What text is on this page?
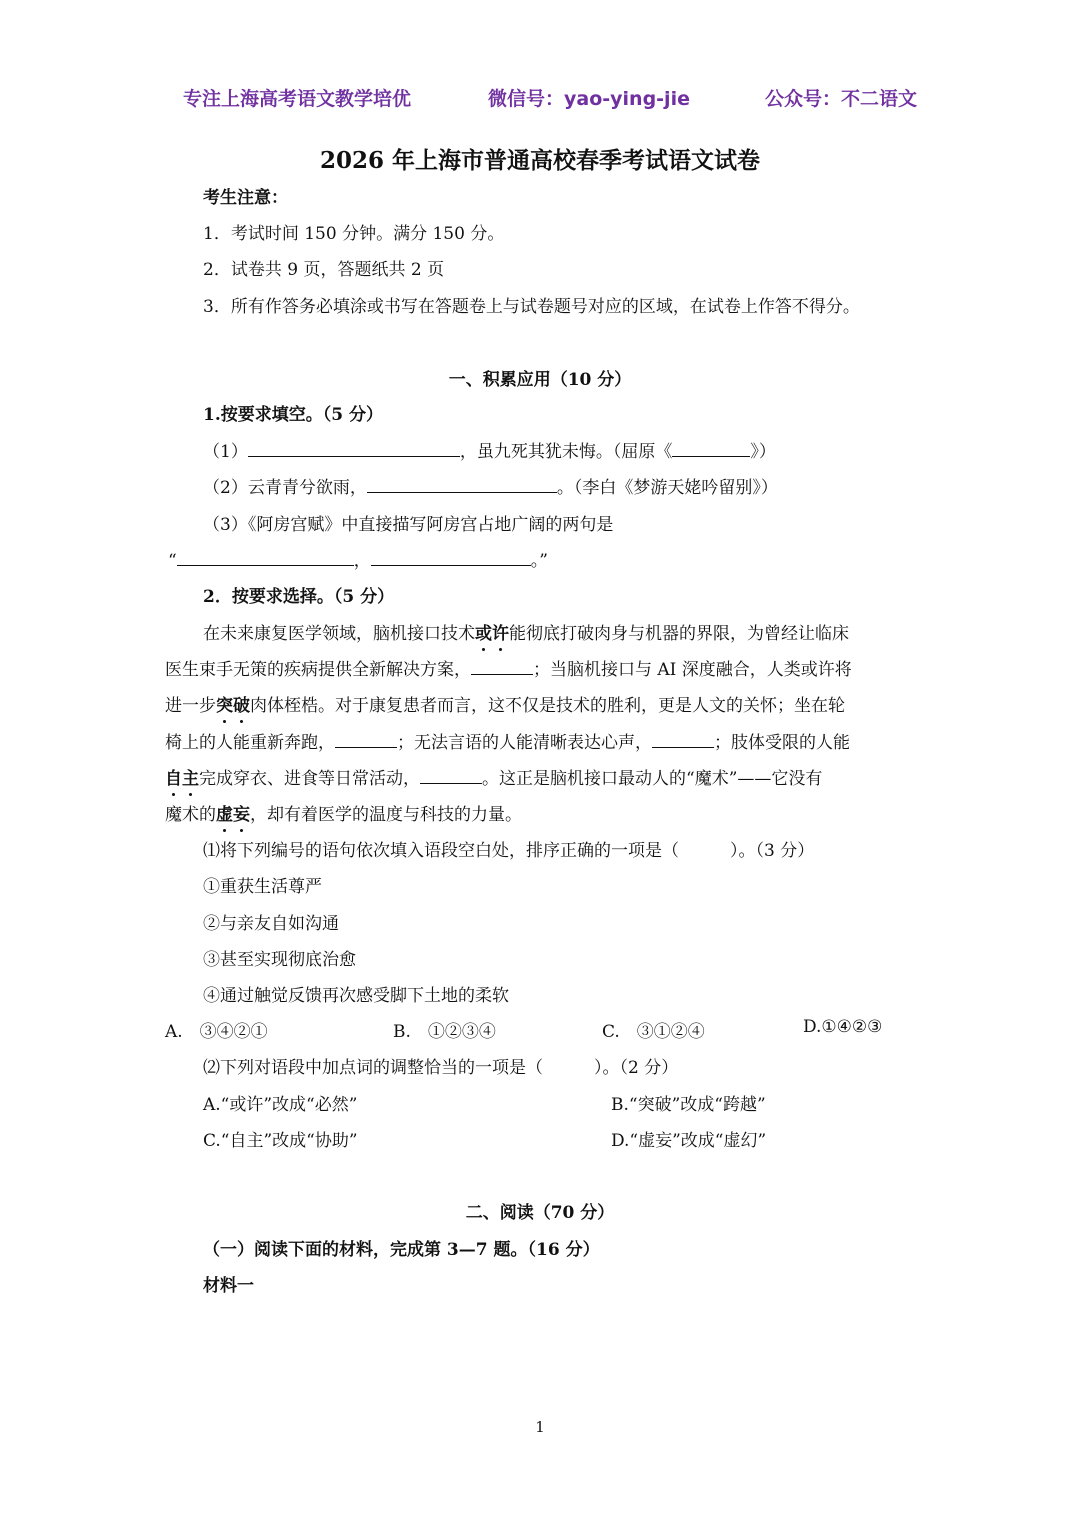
专注上海高考语文教学培优	微信号：yao-ying-jie	公众号：不二语文
2026 年上海市普通高校春季考试语文试卷
考生注意：
1．考试时间 150 分钟。满分 150 分。
2．试卷共 9 页，答题纸共 2 页
3．所有作答务必填涂或书写在答题卷上与试卷题号对应的区域，在试卷上作答不得分。
一、积累应用（10 分）
1.按要求填空。（5 分）
（1）	，虽九死其犹未悔。（屈原《	》）
（2）云青青兮欲雨，	。（李白《梦游天姥吟留别》）
（3）《阿房宫赋》中直接描写阿房宫占地广阔的两句是
“	，	。”
2．按要求选择。（5 分）
在未来康复医学领域，脑机接口技术或许能彻底打破肉身与机器的界限，为曾经让临床
医生束手无策的疾病提供全新解决方案，	；当脑机接口与 AI 深度融合，人类或许将
进一步突破肉体桎梏。对于康复患者而言，这不仅是技术的胜利，更是人文的关怀；坐在轮
椅上的人能重新奔跑，	；无法言语的人能清晰表达心声，	；肢体受限的人能
自主完成穿衣、进食等日常活动，	。这正是脑机接口最动人的“魔术”——它没有
魔术的虚妄，却有着医学的温度与科技的力量。
⑴将下列编号的语句依次填入语段空白处，排序正确的一项是（　　　）。（3 分）
①重获生活尊严
②与亲友自如沟通
③甚至实现彻底治愈
④通过触觉反馈再次感受脚下土地的柔软
A.　③④②①	B.　①②③④	C.　③①②④	D.①④②③
⑵下列对语段中加点词的调整恰当的一项是（　　　）。（2 分）
A.“或许”改成“必然”	B.“突破”改成“跨越”
C.“自主”改成“协助”	D.“虚妄”改成“虚幻”
二、阅读（70 分）
（一）阅读下面的材料，完成第 3—7 题。（16 分）
材料一
1
